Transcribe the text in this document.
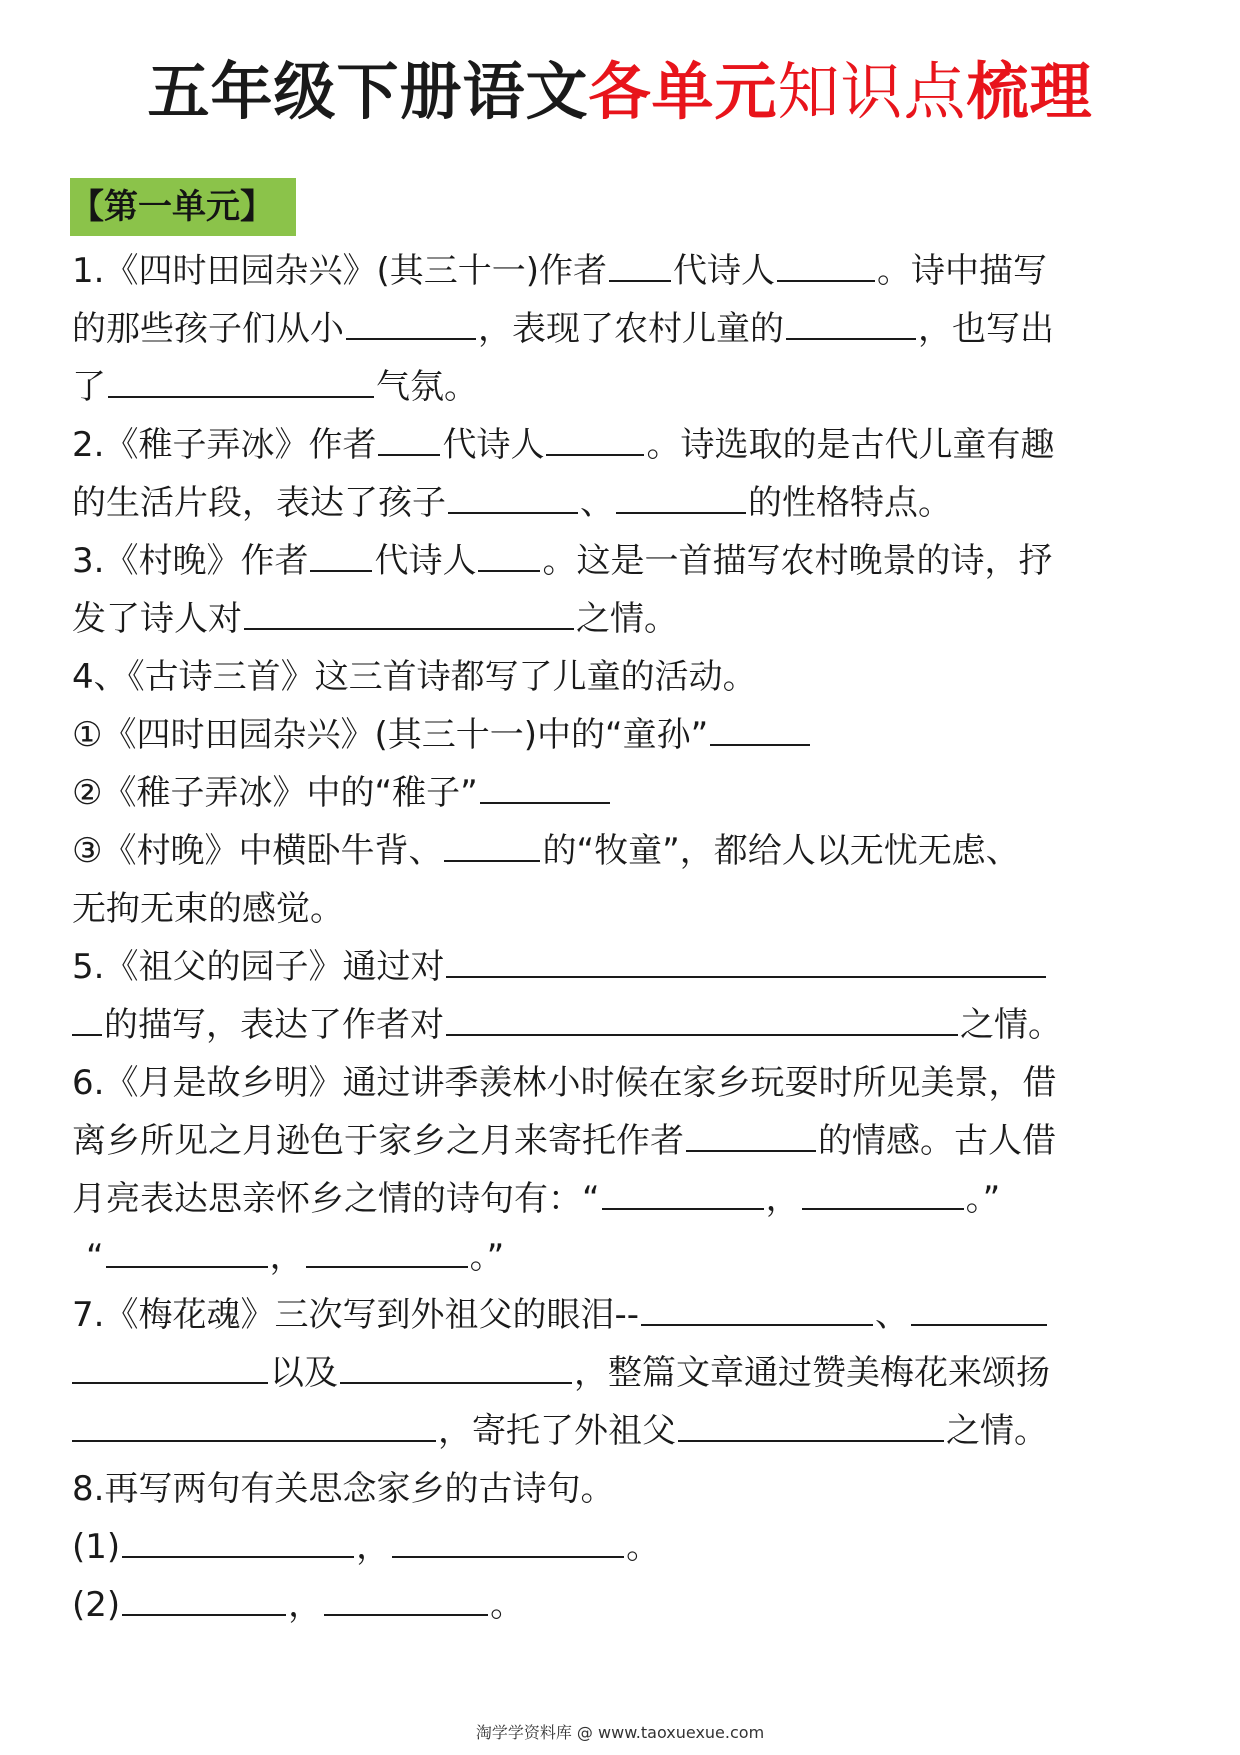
五年级下册语文各单元知识点梳理
【第一单元】
1.《四时田园杂兴》(其三十一)作者 代诗人	。诗中描写
的那些孩子们从小	，表现了农村儿童的	，也写出
了	气氛。
2.《稚子弄冰》作者 代诗人	。诗选取的是古代儿童有趣
的生活片段，表达了孩子	、	的性格特点。
3.《村晚》作者 代诗人 。这是一首描写农村晚景的诗，抒
发了诗人对	之情。
4、《古诗三首》这三首诗都写了儿童的活动。
①《四时田园杂兴》(其三十一)中的“童孙”
②《稚子弄冰》中的“稚子”
③《村晚》中横卧牛背、	的“牧童”，都给人以无忧无虑、
无拘无束的感觉。
5.《祖父的园子》通过对
的描写，表达了作者对	之情。
6.《月是故乡明》通过讲季羡林小时候在家乡玩耍时所见美景，借
离乡所见之月逊色于家乡之月来寄托作者	的情感。古人借
月亮表达思亲怀乡之情的诗句有：“	，	。”
“	，	。”
7.《梅花魂》三次写到外祖父的眼泪--	、
以及	，整篇文章通过赞美梅花来颂扬
，寄托了外祖父	之情。
8.再写两句有关思念家乡的古诗句。
(1)	，	。
(2)	，	。
淘学学资料库 @ www.taoxuexue.com
